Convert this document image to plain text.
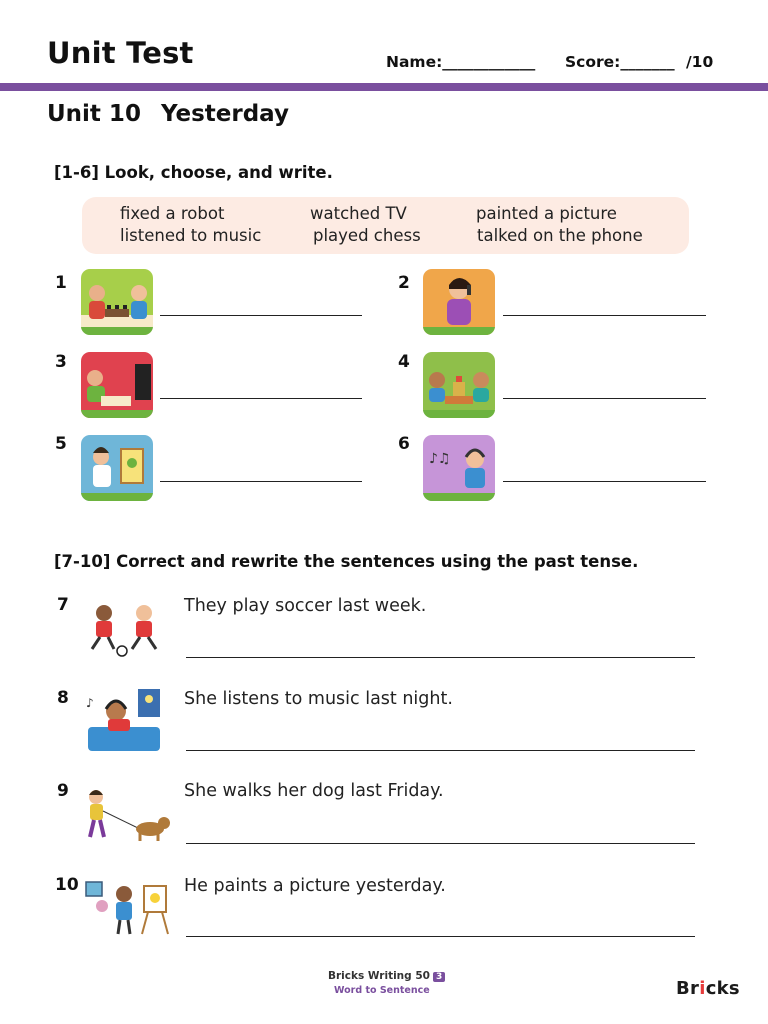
Unit Test	Name:____________ Score:_______ /10
Unit 10 Yesterday
[1-6] Look, choose, and write.
fixed a robot	watched TV	painted a picture
listened to music	played chess	talked on the phone
1	2
3	4
5	6
♪♫
[7-10] Correct and rewrite the sentences using the past tense.
7	They play soccer last week.
8 ♪	She listens to music last night.
9	She walks her dog last Friday.
10	He paints a picture yesterday.
Bricks Writing 50 3
Word to Sentence	Bricks
